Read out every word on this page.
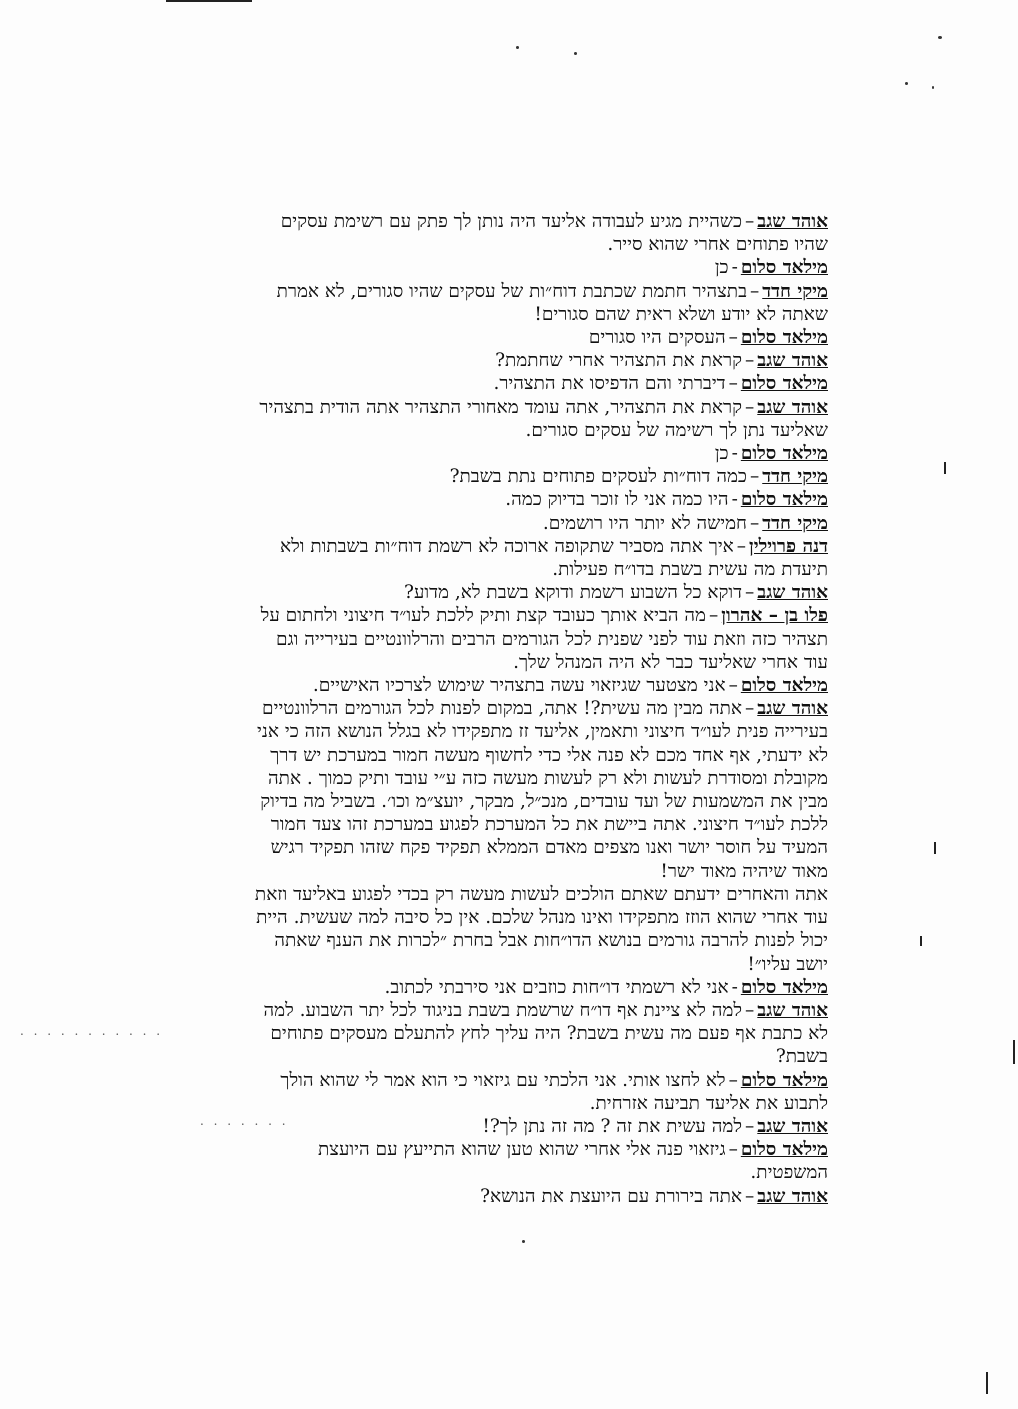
. . . . . . . . . . .
. . . . . . .
אוהד שגב–כשהיית מגיע לעבודה אליעד היה נותן לך פתק עם רשימת עסקים
שהיו פתוחים אחרי שהוא סייר.
מילאד סלום-כן
מיקי חדד–בתצהיר חתמת שכתבת דוח״ות של עסקים שהיו סגורים, לא אמרת
שאתה לא יודע ושלא ראית שהם סגורים!
מילאד סלום–העסקים היו סגורים
אוהד שגב–קראת את התצהיר אחרי שחתמת?
מילאד סלום–דיברתי והם הדפיסו את התצהיר.
אוהד שגב–קראת את התצהיר, אתה עומד מאחורי התצהיר אתה הודית בתצהיר
שאליעד נתן לך רשימה של עסקים סגורים.
מילאד סלום-כן
מיקי חדד–כמה דוח״ות לעסקים פתוחים נתת בשבת?
מילאד סלום-היו כמה אני לו זוכר בדיוק כמה.
מיקי חדד–חמישה לא יותר היו רושמים.
דנה פרוילין–איך אתה מסביר שתקופה ארוכה לא רשמת דוח״ות בשבתות ולא
תיעדת מה עשית בשבת בדו״ח פעילות.
אוהד שגב–דוקא כל השבוע רשמת ודוקא בשבת לא, מדוע?
פלו בן – אהרון–מה הביא אותך כעובד קצת ותיק ללכת לעו״ד חיצוני ולחתום על
תצהיר כזה וזאת עוד לפני שפנית לכל הגורמים הרבים והרלוונטיים בעירייה וגם
עוד אחרי שאליעד כבר לא היה המנהל שלך.
מילאד סלום–אני מצטער שגיזאוי עשה בתצהיר שימוש לצרכיו האישיים.
אוהד שגב–אתה מבין מה עשית?! אתה, במקום לפנות לכל הגורמים הרלוונטיים
בעירייה פנית לעו״ד חיצוני ותאמין, אליעד זז מתפקידו לא בגלל הנושא הזה כי אני
לא ידעתי, אף אחד מכם לא פנה אלי כדי לחשוף מעשה חמור במערכת יש דרך
מקובלת ומסודרת לעשות ולא רק לעשות מעשה כזה ע״י עובד ותיק כמוך . אתה
מבין את המשמעות של ועד עובדים, מנכ״ל, מבקר, יועצ״מ וכו׳. בשביל מה בדיוק
ללכת לעו״ד חיצוני. אתה ביישת את כל המערכת לפגוע במערכת זהו צעד חמור
המעיד על חוסר יושר ואנו מצפים מאדם הממלא תפקיד פקח שזהו תפקיד רגיש
מאוד שיהיה מאוד ישר!
אתה והאחרים ידעתם שאתם הולכים לעשות מעשה רק בכדי לפגוע באליעד וזאת
עוד אחרי שהוא הוזז מתפקידו ואינו מנהל שלכם. אין כל סיבה למה שעשית. היית
יכול לפנות להרבה גורמים בנושא הדו״חות אבל בחרת ״לכרות את הענף שאתה
יושב עליו״!
מילאד סלום-אני לא רשמתי דו״חות כוזבים אני סירבתי לכתוב.
אוהד שגב–למה לא ציינת אף דו״ח שרשמת בשבת בניגוד לכל יתר השבוע. למה
לא כתבת אף פעם מה עשית בשבת? היה עליך לחץ להתעלם מעסקים פתוחים
בשבת?
מילאד סלום–לא לחצו אותי. אני הלכתי עם גיזאוי כי הוא אמר לי שהוא הולך
לתבוע את אליעד תביעה אזרחית.
אוהד שגב–למה עשית את זה ? מה זה נתן לך?!
מילאד סלום–גיזאוי פנה אלי אחרי שהוא טען שהוא התייעץ עם היועצת
המשפטית.
אוהד שגב–אתה בירורת עם היועצת את הנושא?
